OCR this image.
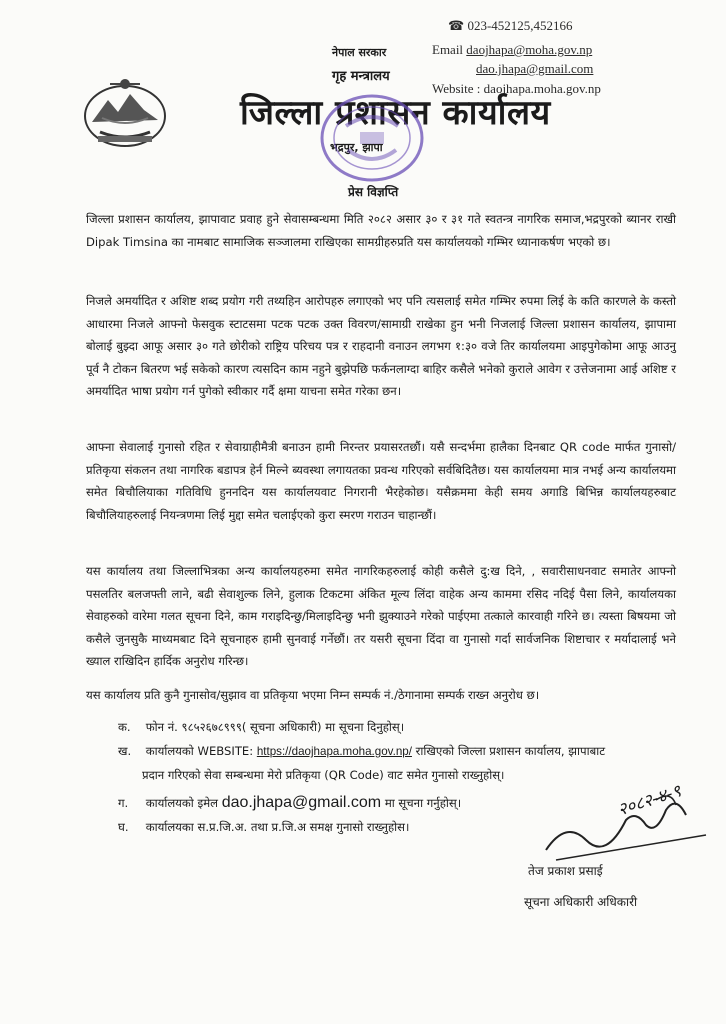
☎ 023-452125,452166
Email daojhapa@moha.gov.np
dao.jhapa@gmail.com
Website : daojhapa.moha.gov.np
नेपाल सरकार
गृह मन्त्रालय
जिल्ला प्रशासन कार्यालय
भद्रपुर, झापा
प्रेस विज्ञप्ति
जिल्ला प्रशासन कार्यालय, झापावाट प्रवाह हुने सेवासम्बन्धमा मिति २०८२ असार ३० र ३१ गते स्वतन्त्र नागरिक समाज,भद्रपुरको ब्यानर राखी Dipak Timsina का नामबाट सामाजिक सञ्जालमा राखिएका सामग्रीहरुप्रति यस कार्यालयको गम्भिर ध्यानाकर्षण भएको छ।
निजले अमर्यादित र अशिष्ट शब्द प्रयोग गरी तथ्यहिन आरोपहरु लगाएको भए पनि त्यसलाई समेत गम्भिर रुपमा लिई के कति कारणले के कस्तो आधारमा निजले आफ्नो फेसवुक स्टाटसमा पटक पटक उक्त विवरण/सामाग्री राखेका हुन भनी निजलाई जिल्ला प्रशासन कार्यालय, झापामा बोलाई बुझ्दा आफू असार ३० गते छोरीको राष्ट्रिय परिचय पत्र र राहदानी वनाउन लगभग १:३० वजे तिर कार्यालयमा आइपुगेकोमा आफू आउनु पूर्व नै टोकन बितरण भई सकेको कारण त्यसदिन काम नहुने बुझेपछि फर्कनलाग्दा बाहिर कसैले भनेको कुराले आवेग र उत्तेजनामा आई अशिष्ट र अमर्यादित भाषा प्रयोग गर्न पुगेको स्वीकार गर्दै क्षमा याचना समेत गरेका छन।
आफ्ना सेवालाई गुनासो रहित र सेवाग्राहीमैत्री बनाउन हामी निरन्तर प्रयासरतछौं। यसै सन्दर्भमा हालैका दिनबाट QR code मार्फत गुनासो/प्रतिकृया संकलन तथा नागरिक बडापत्र हेर्न मिल्ने ब्यवस्था लगायतका प्रवन्ध गरिएको सर्वबिदितैछ। यस कार्यालयमा मात्र नभई अन्य कार्यालयमा समेत बिचौलियाका गतिविधि हुननदिन यस कार्यालयवाट निगरानी भैरहेकोछ। यसैक्रममा केही समय अगाडि बिभिन्न कार्यालयहरुबाट बिचौलियाहरुलाई नियन्त्रणमा लिई मुद्दा समेत चलाईएको कुरा स्मरण गराउन चाहान्छौं।
यस कार्यालय तथा जिल्लाभित्रका अन्य कार्यालयहरुमा समेत नागरिकहरुलाई कोही कसैले दु:ख दिने, , सवारीसाधनवाट समातेर आफ्नो पसलतिर बलजफ्ती लाने, बढी सेवाशुल्क लिने, हुलाक टिकटमा अंकित मूल्य लिंदा वाहेक अन्य काममा रसिद नदिई पैसा लिने, कार्यालयका सेवाहरुको वारेमा गलत सूचना दिने, काम गराइदिन्छु/मिलाइदिन्छु भनी झुक्याउने गरेको पाईएमा तत्काले कारवाही गरिने छ। त्यस्ता बिषयमा जो कसैले जुनसुकै माध्यमबाट दिने सूचनाहरु हामी सुनवाई गर्नेछौं। तर यसरी सूचना दिंदा वा गुनासो गर्दा सार्वजनिक शिष्टाचार र मर्यादालाई भने ख्याल राखिदिन हार्दिक अनुरोध गरिन्छ।
यस कार्यालय प्रति कुनै गुनासोव/सुझाव वा प्रतिकृया भएमा निम्न सम्पर्क नं./ठेगानामा सम्पर्क राख्न अनुरोध छ।
क. फोन नं. ९८५२६७८९९९( सूचना अधिकारी) मा सूचना दिनुहोस्।
ख. कार्यालयको WEBSITE: https://daojhapa.moha.gov.np/ राखिएको जिल्ला प्रशासन कार्यालय, झापाबाट
प्रदान गरिएको सेवा सम्बन्धमा मेरो प्रतिकृया (QR Code) वाट समेत गुनासो राख्नुहोस्।
ग. कार्यालयको इमेल dao.jhapa@gmail.com मा सूचना गर्नुहोस्।
घ. कार्यालयका स.प्र.जि.अ. तथा प्र.जि.अ समक्ष गुनासो राख्नुहोस।
२०८२-४-९
तेज प्रकाश प्रसाई
सूचना अधिकारी अधिकारी
